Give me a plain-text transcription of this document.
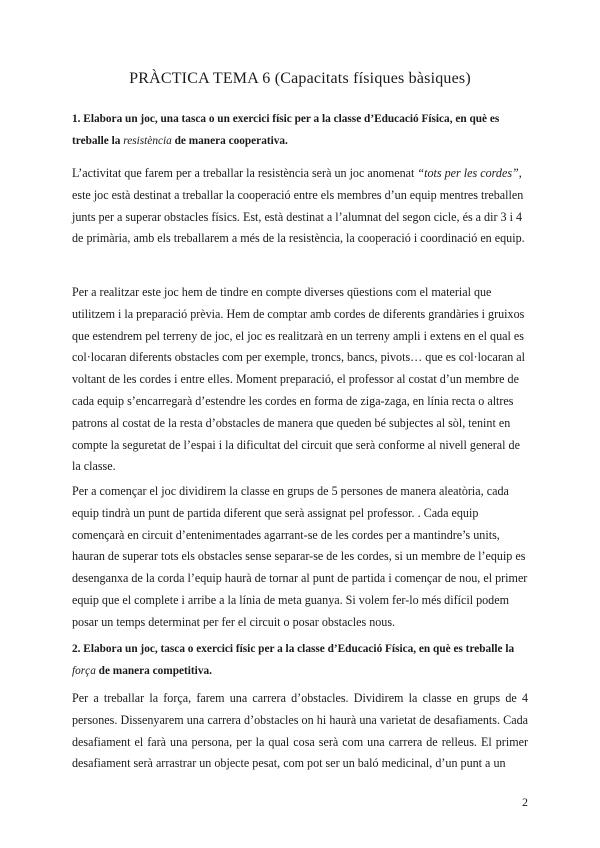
PRÀCTICA TEMA 6 (Capacitats físiques bàsiques)

1. Elabora un joc, una tasca o un exercici físic per a la classe d’Educació Física, en què es treballe la resistència de manera cooperativa.

L’activitat que farem per a treballar la resistència serà un joc anomenat “tots per les cordes”, este joc està destinat a treballar la cooperació entre els membres d’un equip mentres treballen junts per a superar obstacles físics. Est, està destinat a l’alumnat del segon cicle, és a dir 3 i 4 de primària, amb els treballarem a més de la resistència, la cooperació i coordinació en equip.

Per a realitzar este joc hem de tindre en compte diverses qüestions com el material que utilitzem i la preparació prèvia. Hem de comptar amb cordes de diferents grandàries i gruixos que estendrem pel terreny de joc, el joc es realitzarà en un terreny ampli i extens en el qual es col·locaran diferents obstacles com per exemple, troncs, bancs, pivots… que es col·locaran al voltant de les cordes i entre elles. Moment preparació, el professor al costat d’un membre de cada equip s’encarregarà d’estendre les cordes en forma de ziga-zaga, en línia recta o altres patrons al costat de la resta d’obstacles de manera que queden bé subjectes al sòl, tenint en compte la seguretat de l’espai i la dificultat del circuit que serà conforme al nivell general de la classe.

Per a començar el joc dividirem la classe en grups de 5 persones de manera aleatòria, cada equip tindrà un punt de partida diferent que serà assignat pel professor. . Cada equip començarà en circuit d’entenimentades agarrant-se de les cordes per a mantindre’s units, hauran de superar tots els obstacles sense separar-se de les cordes, si un membre de l’equip es desenganxa de la corda l’equip haurà de tornar al punt de partida i començar de nou, el primer equip que el complete i arribe a la línia de meta guanya. Si volem fer-lo més difícil podem posar un temps determinat per fer el circuit o posar obstacles nous.

2. Elabora un joc, tasca o exercici físic per a la classe d’Educació Física, en què es treballe la força de manera competitiva.

Per a treballar la força, farem una carrera d’obstacles. Dividirem la classe en grups de 4 persones. Dissenyarem una carrera d’obstacles on hi haurà una varietat de desafiaments. Cada desafiament el farà una persona, per la qual cosa serà com una carrera de relleus. El primer desafiament serà arrastrar un objecte pesat, com pot ser un baló medicinal, d’un punt a un

2
